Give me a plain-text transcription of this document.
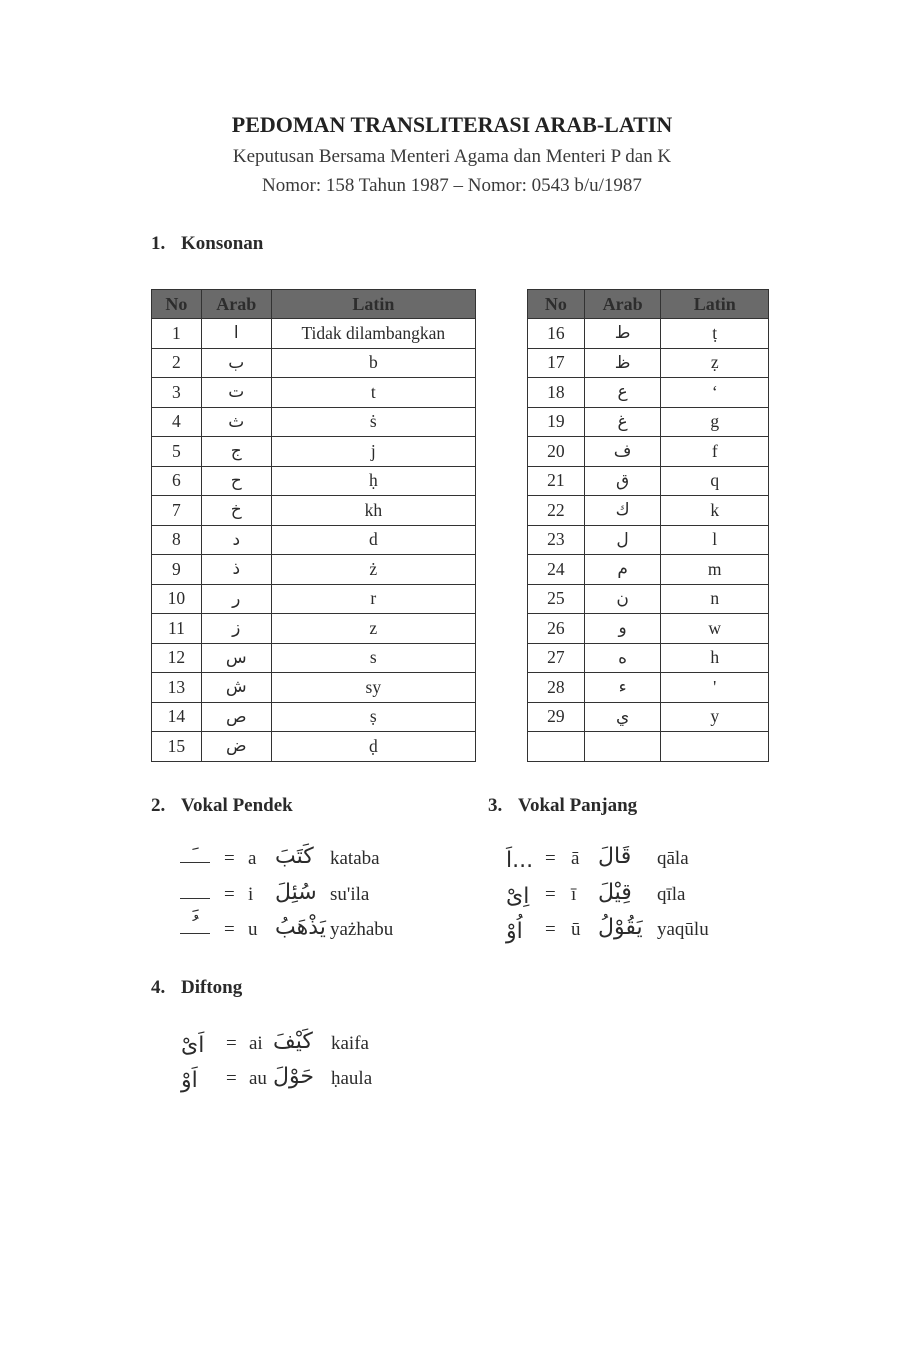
PEDOMAN TRANSLITERASI ARAB-LATIN
Keputusan Bersama Menteri Agama dan Menteri P dan K
Nomor: 158 Tahun 1987 – Nomor: 0543 b/u/1987
1. Konsonan
No	Arab	Latin
1	ا	Tidak dilambangkan
2	ب	b
3	ت	t
4	ث	ṡ
5	ج	j
6	ح	ḥ
7	خ	kh
8	د	d
9	ذ	ż
10	ر	r
11	ز	z
12	س	s
13	ش	sy
14	ص	ṣ
15	ض	ḍ
No	Arab	Latin
16	ط	ṭ
17	ظ	ẓ
18	ع	‘
19	غ	g
20	ف	f
21	ق	q
22	ك	k
23	ل	l
24	م	m
25	ن	n
26	و	w
27	ه	h
28	ء	'
29	ي	y

2. Vokal Pendek	3. Vokal Panjang
= a كَتَبَ kataba
= i سُئِلَ su'ila
= u يَذْهَبُ yażhabu
...اَ = ā قَالَ qāla
اِىْ = ī قِيْلَ qīla
اُوْ = ū يَقُوْلُ yaqūlu
4. Diftong
اَىْ = ai كَيْفَ kaifa
اَوْ = au حَوْلَ ḥaula
